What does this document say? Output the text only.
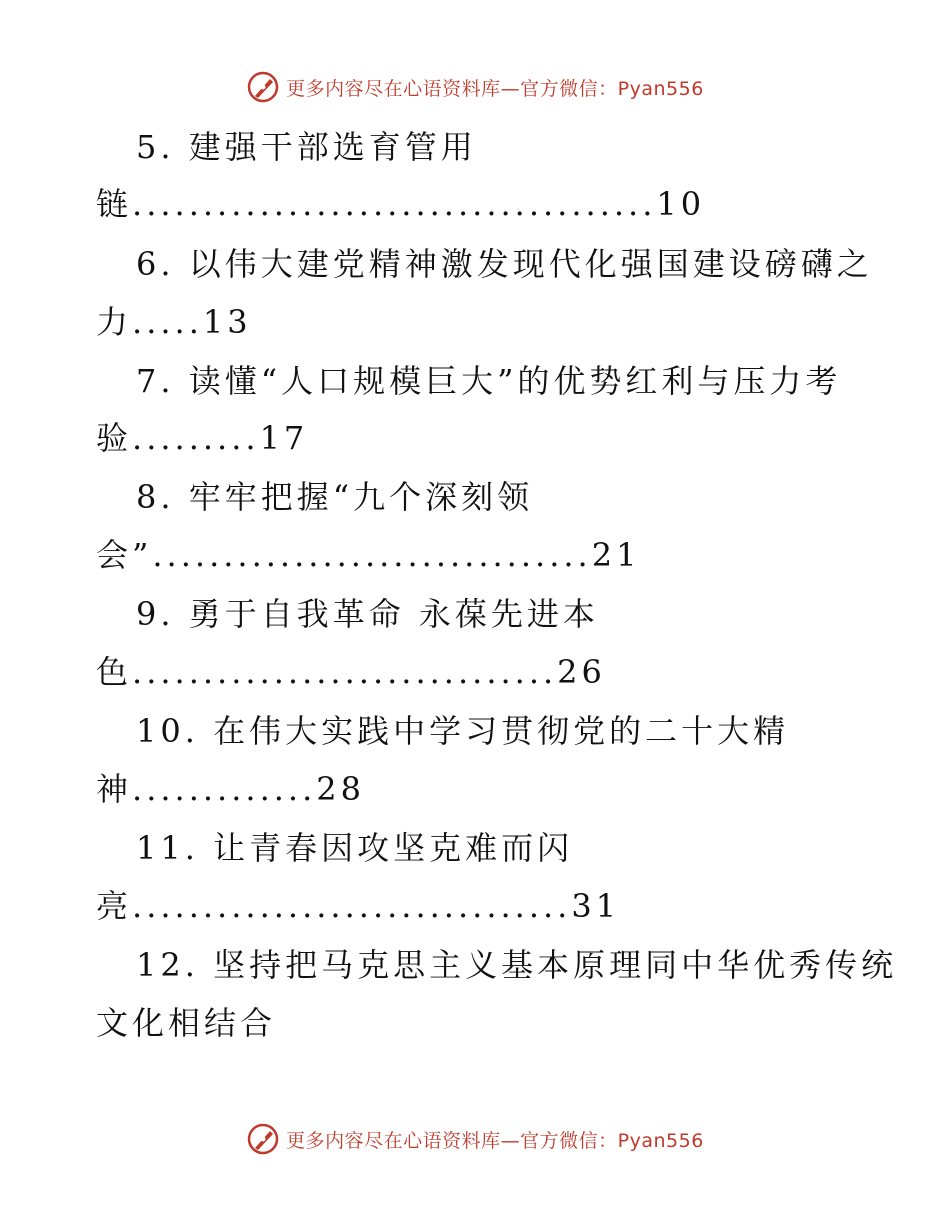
更多内容尽在心语资料库—官方微信：Pyan556
5. 建强干部选育管用
链.....................................10
6. 以伟大建党精神激发现代化强国建设磅礴之
力.....13
7. 读懂“人口规模巨大”的优势红利与压力考
验.........17
8. 牢牢把握“九个深刻领
会”...............................21
9. 勇于自我革命 永葆先进本
色..............................26
10. 在伟大实践中学习贯彻党的二十大精
神.............28
11. 让青春因攻坚克难而闪
亮...............................31
12. 坚持把马克思主义基本原理同中华优秀传统
文化相结合
更多内容尽在心语资料库—官方微信：Pyan556
